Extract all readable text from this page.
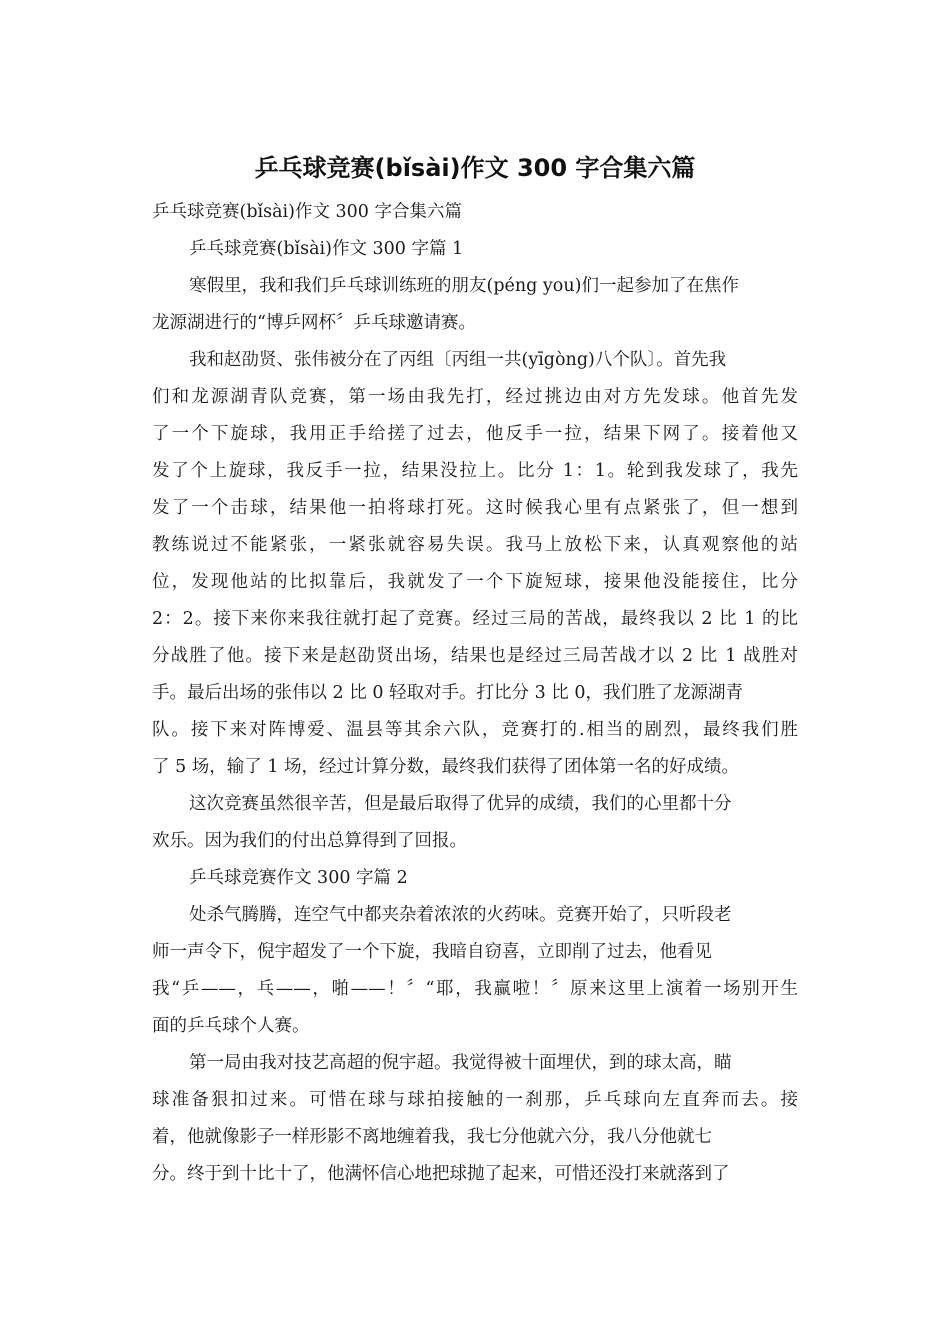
乒乓球竞赛(bǐsài)作文 300 字合集六篇

乒乓球竞赛(bǐsài)作文 300 字合集六篇

乒乓球竞赛(bǐsài)作文 300 字篇 1

寒假里，我和我们乒乓球训练班的朋友(péng you)们一起参加了在焦作

龙源湖进行的“博乒网杯〞乒乓球邀请赛。

我和赵劭贤、张伟被分在了丙组〔丙组一共(yīgòng)八个队〕。首先我

们和龙源湖青队竞赛，第一场由我先打，经过挑边由对方先发球。他首先发

了一个下旋球，我用正手给搓了过去，他反手一拉，结果下网了。接着他又

发了个上旋球，我反手一拉，结果没拉上。比分 1：1。轮到我发球了，我先

发了一个击球，结果他一拍将球打死。这时候我心里有点紧张了，但一想到

教练说过不能紧张，一紧张就容易失误。我马上放松下来，认真观察他的站

位，发现他站的比拟靠后，我就发了一个下旋短球，接果他没能接住，比分

2：2。接下来你来我往就打起了竞赛。经过三局的苦战，最终我以 2 比 1 的比

分战胜了他。接下来是赵劭贤出场，结果也是经过三局苦战才以 2 比 1 战胜对

手。最后出场的张伟以 2 比 0 轻取对手。打比分 3 比 0，我们胜了龙源湖青

队。接下来对阵博爱、温县等其余六队，竞赛打的.相当的剧烈，最终我们胜

了 5 场，输了 1 场，经过计算分数，最终我们获得了团体第一名的好成绩。

这次竞赛虽然很辛苦，但是最后取得了优异的成绩，我们的心里都十分

欢乐。因为我们的付出总算得到了回报。

乒乓球竞赛作文 300 字篇 2

处杀气腾腾，连空气中都夹杂着浓浓的火药味。竞赛开始了，只听段老

师一声令下，倪宇超发了一个下旋，我暗自窃喜，立即削了过去，他看见

我“乒——，乓——，啪——！〞“耶，我赢啦！〞原来这里上演着一场别开生

面的乒乓球个人赛。

第一局由我对技艺高超的倪宇超。我觉得被十面埋伏，到的球太高，瞄

球准备狠扣过来。可惜在球与球拍接触的一刹那，乒乓球向左直奔而去。接

着，他就像影子一样形影不离地缠着我，我七分他就六分，我八分他就七

分。终于到十比十了，他满怀信心地把球抛了起来，可惜还没打来就落到了
